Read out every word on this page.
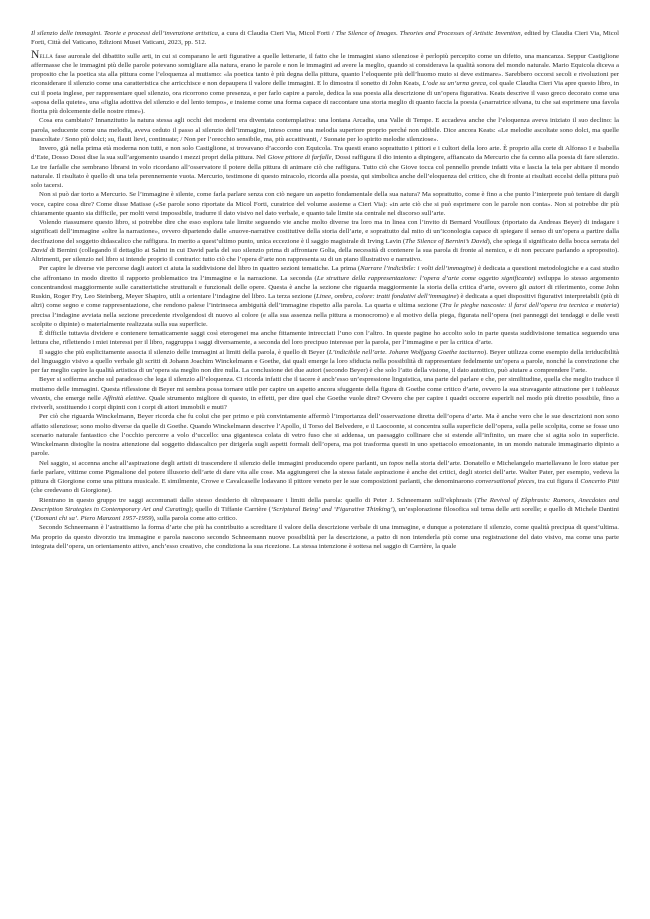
Il silenzio delle immagini. Teorie e processi dell’invenzione artistica, a cura di Claudia Cieri Via, Micol Forti / The Silence of Images. Theories and Processes of Artistic Invention, edited by Claudia Cieri Via, Micol Forti, Città del Vaticano, Edizioni Musei Vaticani, 2023, pp. 512.

Nella fase aurorale del dibattito sulle arti, in cui si comparano le arti figurative a quelle letterarie, il fatto che le immagini siano silenziose è perlopiù percepito come un difetto, una mancanza. Seppur Castiglione affermasse che le immagini più delle parole potevano somigliare alla natura, erano le parole e non le immagini ad avere la meglio, quando si consideravа la qualità sonora del mondo naturale. Mario Equicola diceva a proposito che la poetica sta alla pittura come l’eloquenza al mutismo: «la poetica tanto è più degna della pittura, quanto l’eloquente più dell’huomo muto si deve estimare». Sarebbero occorsi secoli e rivoluzioni per riconsiderare il silenzio come una caratteristica che arricchisce e non depaupera il valore delle immagini. E lo dimostra il sonetto di John Keats, L’ode su un’urna greca, col quale Claudia Cieri Via apre questo libro, in cui il poeta inglese, per rappresentare quel silenzio, ora ricorrono come presenza, e per farlo capire a parole, dedica la sua poesia alla descrizione di un’opera figurativa. Keats descrive il vaso greco decorato come una «sposa della quiete», una «figlia adottiva del silenzio e del lento tempo», e insieme come una forma capace di raccontare una storia meglio di quanto faccia la poesia («narratrice silvana, tu che sai esprimere una favola fiorita più dolcemente delle nostre rime»).

Cosa era cambiato? Innanzitutto la natura stessa agli occhi dei moderni era diventata contemplativa: una lontana Arcadia, una Valle di Tempe. E accadeva anche che l’eloquenza aveva iniziato il suo declino: la parola, seducente come una melodia, aveva ceduto il passo al silenzio dell’immagine, inteso come una melodia superiore proprio perché non udibile. Dice ancora Keats: «Le melodie ascoltate sono dolci, ma quelle inascoltate / Sono più dolci; su, flauti lievi, continuate; / Non per l’orecchio sensibile, ma, più accattivanti, / Suonate per lo spirito melodie silenziose».

Invero, già nella prima età moderna non tutti, e non solo Castiglione, si trovavano d’accordo con Equicola. Tra questi erano soprattutto i pittori e i cultori della loro arte. È proprio alla corte di Alfonso I e Isabella d’Este, Dosso Dossi dise la sua sull’argomento usando i mezzi propri della pittura. Nel Giove pittore di farfalle, Dossi raffigura il dio intento a dipingere, affiancato da Mercurio che fa cenno alla poesia di fare silenzio. Le tre farfalle che sembrano librarsi in volo ricordano all’osservatore il potere della pittura di animare ciò che raffigura. Tutto ciò che Giove tocca col pennello prende infatti vita e lascia la tela per abitare il mondo naturale. Il risultato è quello di una tela perennemente vuota. Mercurio, testimone di questo miracolo, ricorda alla poesia, qui simbolica anche dell’eloquenza del critico, che di fronte ai risultati eccelsi della pittura può solo tacersi.

Non si può dar torto a Mercurio. Se l’immagine è silente, come farla parlare senza con ciò negare un aspetto fondamentale della sua natura? Ma soprattutto, come è fino a che punto l’interprete può tentare di dargli voce, capire cosa dire? Come disse Matisse («Se parole sono riportate da Micol Forti, curatrice del volume assieme a Cieri Via): «in arte ciò che si può esprimere con le parole non conta». Non si potrebbe dir più chiaramente quanto sia difficile, per molti versi impossibile, tradurre il dato visivo nel dato verbale, e quanto tale limite sia centrale nel discorso sull’arte.

Volendo riassumere questo libro, si potrebbe dire che esso esplora tale limite seguendo vie anche molto diverse tra loro ma in linea con l’invito di Bernard Vouilloux (riportato da Andreas Beyer) di indagare i significati dell’immagine «oltre la narrazione», ovvero dipartendo dalle «nuove-narrative costitutive della storia dell’arte, e soprattutto dal mito di un’iconologia capace di spiegare il senso di un’opera a partire dalla decifrazione del soggetto didascalico che raffigura. In merito a quest’ultimo punto, unica eccezione è il saggio magistrale di Irving Lavin (The Silence of Bernini’s David), che spiega il significato della bocca serrata del David di Bernini (collegando il dettaglio ai Salmi in cui David parla del suo silenzio prima di affrontare Golia, della necessità di contenere la sua parola di fronte al nemico, e di non peccare parlando a sproposito). Altrimenti, per silenzio nel libro si intende proprio il contrario: tutto ciò che l’opera d’arte non rappresenta su di un piano illustrativo e narrativo.

Per capire le diverse vie percorse dagli autori ci aiuta la suddivisione del libro in quattro sezioni tematiche. La prima (Narrare l’indicibile: i volti dell’immagine) è dedicata a questioni metodologiche e a casi studio che affrontano in modo diretto il rapporto problematico tra l’immagine e la narrazione. La seconda (Le strutture della rappresentazione: l’opera d’arte come oggetto significante) sviluppa lo stesso argomento concentrandosi maggiormente sulle caratteristiche strutturali e funzionali delle opere. Questa è anche la sezione che riguarda maggiormente la storia della critica d’arte, ovvero gli autori di riferimento, come John Ruskin, Roger Fry, Leo Steinberg, Meyer Shapiro, utili a orientare l’indagine del libro. La terza sezione (Linee, ombra, colore: tratti fondativi dell’immagine) è dedicata a quei dispositivi figurativi interpretabili (più di altri) come segno e come rappresentazione, che rendono palese l’intrinseca ambiguità dell’immagine rispetto alla parola. La quarta e ultima sezione (Tra le pieghe nascoste: il farsi dell’opera tra tecnica e materia) precisa l’indagine avviata nella sezione precedente rivolgendosi di nuovo al colore (e alla sua assenza nella pittura a monocromo) e al motivo della piega, figurata nell’opera (nei panneggi dei tendaggi e delle vesti scolpite o dipinte) o materialmente realizzata sulla sua superficie.

È difficile tuttavia dividere e contenere tematicamente saggi così eterogenei ma anche fittamente intrecciati l’uno con l’altro. In queste pagine ho accolto solo in parte questa suddivisione tematica seguendo una lettura che, riflettendo i miei interessi per il libro, raggruppa i saggi diversamente, a seconda del loro precipuo interesse per la parola, per l’immagine e per la critica d’arte.

Il saggio che più esplicitamente associa il silenzio delle immagini ai limiti della parola, è quello di Beyer (L’indicibile nell’arte. Johann Wolfgang Goethe taciturno). Beyer utilizza come esempio della irriducibilità del linguaggio visivo a quello verbale gli scritti di Johann Joachim Winckelmann e Goethe, dai quali emerge la loro sfiducia nella possibilità di rappresentare fedelmente un’opera a parole, nonché la convinzione che per far meglio capire la qualità artistica di un’opera sia meglio non dire nulla. La conclusione dei due autori (secondo Beyer) è che solo l’atto della visione, il dato autottico, può aiutare a comprendere l’arte.

Beyer si sofferma anche sul paradosso che lega il silenzio all’eloquenza. Ci ricorda infatti che il tacere è anch’esso un’espressione linguistica, una parte del parlare e che, per similitudine, quella che meglio traduce il mutismo delle immagini. Questa riflessione di Beyer mi sembra possa tornare utile per capire un aspetto ancora sfuggente della figura di Goethe come critico d’arte, ovvero la sua stravagante attrazione per i tableaux vivants, che emerge nelle Affinità elettive. Quale strumento migliore di questo, in effetti, per dire quel che Goethe vuole dire? Ovvero che per capire i quadri occorre esperirli nel modo più diretto possibile, fino a riviverli, sostituendo i corpi dipinti con i corpi di attori immobili e muti?

Per ciò che riguarda Winckelmann, Beyer ricorda che fu colui che per primo e più convintamente affermò l’importanza dell’osservazione diretta dell’opera d’arte. Ma è anche vero che le sue descrizioni non sono affatto silenziose; sono molto diverse da quelle di Goethe. Quando Winckelmann descrive l’Apollo, il Torso del Belvedere, e il Laocoonte, si concentra sulla superficie dell’opera, sulla pelle scolpita, come se fosse uno scenario naturale fantastico che l’occhio percorre a volo d’uccello: una gigantesca colata di vetro fuso che si addensa, un paesaggio collinare che si estende all’infinito, un mare che si agita solo in superficie. Winckelmann distoglie la nostra attenzione dal soggetto didascalico per dirigerla sugli aspetti formali dell’opera, ma poi trasforma questi in uno spettacolo emozionante, in un mondo naturale immaginario dipinto a parole.

Nel saggio, si accenna anche all’aspirazione degli artisti di trascendere il silenzio delle immagini producendo opere parlanti, un topos nella storia dell’arte. Donatello e Michelangelo martellavano le loro statue per farle parlare, vittime come Pigmalione del potere illusorio dell’arte di dare vita alle cose. Ma aggiungerei che la stessa fatale aspirazione è anche dei critici, degli storici dell’arte. Walter Pater, per esempio, vedeva la pittura di Giorgione come una pittura musicale. E similmente, Crowe e Cavalcaselle lodavano il pittore veneto per le sue composizioni parlanti, che denominarono conversational pieces, tra cui figura il Concerto Pitti (che credevano di Giorgione).

Rientrano in questo gruppo tre saggi accomunati dallo stesso desiderio di oltrepassare i limiti della parola: quello di Peter J. Schneemann sull’ekphrasis (The Revival of Ekphrasis: Rumors, Anecdotes and Description Strategies in Contemporary Art and Curating); quello di Tiffanie Carrière (‘Scriptural Being’ and ‘Figurative Thinking’), un’esplorazione filosofica sul tema delle arti sorelle; e quello di Michele Dantini (‘Domani chi sa’. Piero Manzoni 1957-1959), sulla parola come atto critico.

Secondo Schneemann è l’astrattismo la forma d’arte che più ha contribuito a screditare il valore della descrizione verbale di una immagine, e dunque a potenziare il silenzio, come qualità precipua di quest’ultima. Ma proprio da questo divorzio tra immagine e parola nascono secondo Schneemann nuove possibilità per la descrizione, a patto di non intenderla più come una registrazione del dato visivo, ma come una parte integrata dell’opera, un orientamento attivo, anch’esso creativo, che condiziona la sua ricezione. La stessa intenzione è sottesa nel saggio di Carrière, la quale
